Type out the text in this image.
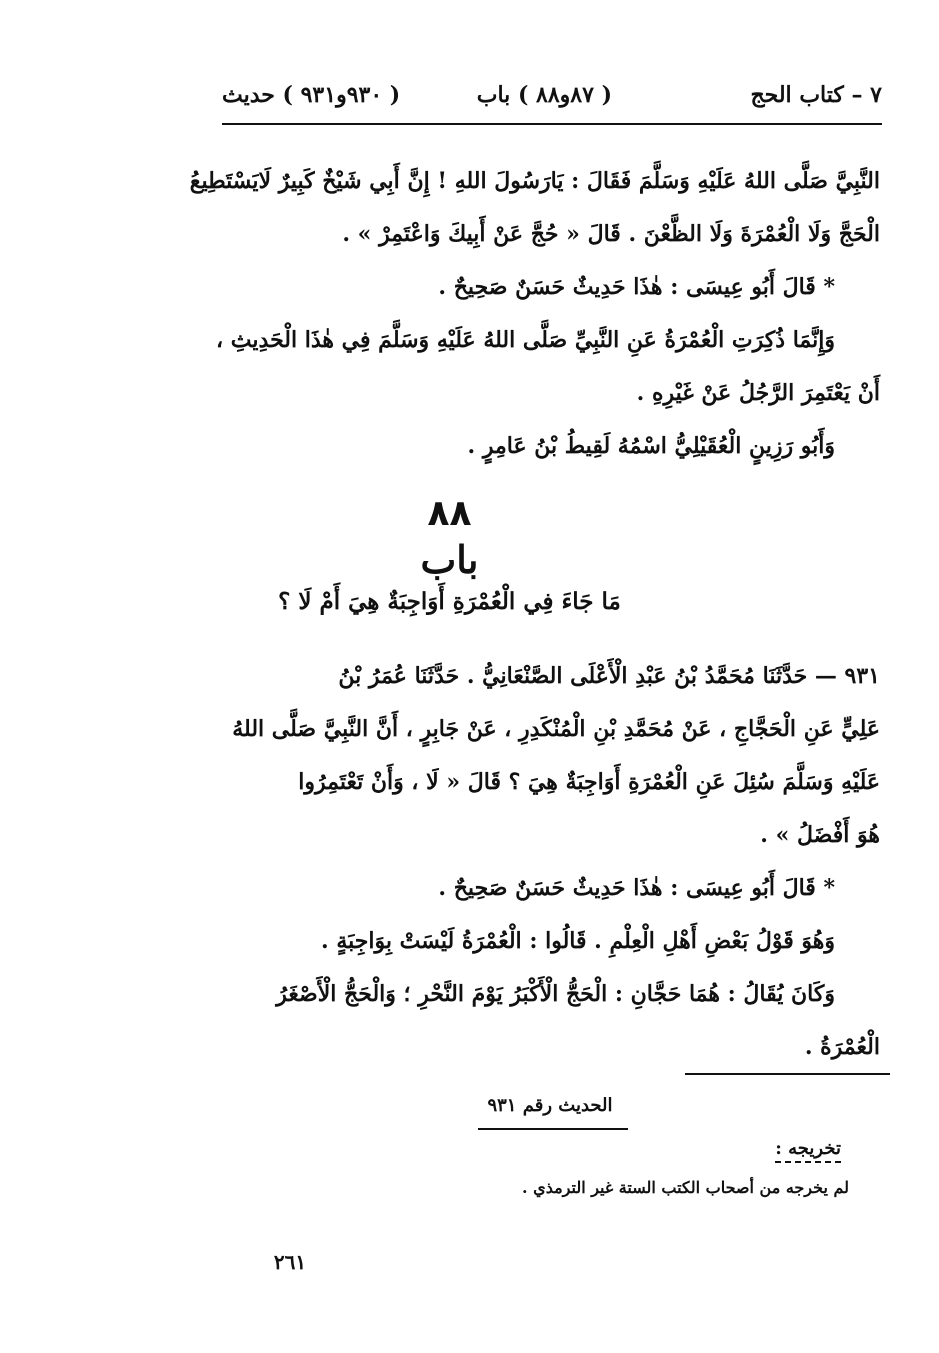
٧ – كتاب الحج
( ٨٧و٨٨ ) باب
( ٩٣٠و٩٣١ ) حديث
النَّبِيَّ صَلَّى اللهُ عَلَيْهِ وَسَلَّمَ فَقَالَ : يَارَسُولَ اللهِ ! إِنَّ أَبِي شَيْخٌ كَبِيرٌ لَايَسْتَطِيعُ
الْحَجَّ وَلَا الْعُمْرَةَ وَلَا الظَّعْنَ . قَالَ « حُجَّ عَنْ أَبِيكَ وَاعْتَمِرْ » .
* قَالَ أَبُو عِيسَى : هٰذَا حَدِيثٌ حَسَنٌ صَحِيحٌ .
وَإِنَّمَا ذُكِرَتِ الْعُمْرَةُ عَنِ النَّبِيِّ صَلَّى اللهُ عَلَيْهِ وَسَلَّمَ فِي هٰذَا الْحَدِيثِ ،
أَنْ يَعْتَمِرَ الرَّجُلُ عَنْ غَيْرِهِ .
وَأَبُو رَزِينٍ الْعُقَيْلِيُّ اسْمُهُ لَقِيطُ بْنُ عَامِرٍ .
٨٨
باب
مَا جَاءَ فِي الْعُمْرَةِ أَوَاجِبَةٌ هِيَ أَمْ لَا ؟
٩٣١ — حَدَّثَنَا مُحَمَّدُ بْنُ عَبْدِ الْأَعْلَى الصَّنْعَانِيُّ . حَدَّثَنَا عُمَرُ بْنُ
عَلِيٍّ عَنِ الْحَجَّاجِ ، عَنْ مُحَمَّدِ بْنِ الْمُنْكَدِرِ ، عَنْ جَابِرٍ ، أَنَّ النَّبِيَّ صَلَّى اللهُ
عَلَيْهِ وَسَلَّمَ سُئِلَ عَنِ الْعُمْرَةِ أَوَاجِبَةٌ هِيَ ؟ قَالَ « لَا ، وَأَنْ تَعْتَمِرُوا
هُوَ أَفْضَلُ » .
* قَالَ أَبُو عِيسَى : هٰذَا حَدِيثٌ حَسَنٌ صَحِيحٌ .
وَهُوَ قَوْلُ بَعْضِ أَهْلِ الْعِلْمِ . قَالُوا : الْعُمْرَةُ لَيْسَتْ بِوَاجِبَةٍ .
وَكَانَ يُقَالُ : هُمَا حَجَّانِ : الْحَجُّ الْأَكْبَرُ يَوْمَ النَّحْرِ ؛ وَالْحَجُّ الْأَصْغَرُ
الْعُمْرَةُ .
الحديث رقم ٩٣١
تخريجه :
لم يخرجه من أصحاب الكتب الستة غير الترمذي .
٢٦١
